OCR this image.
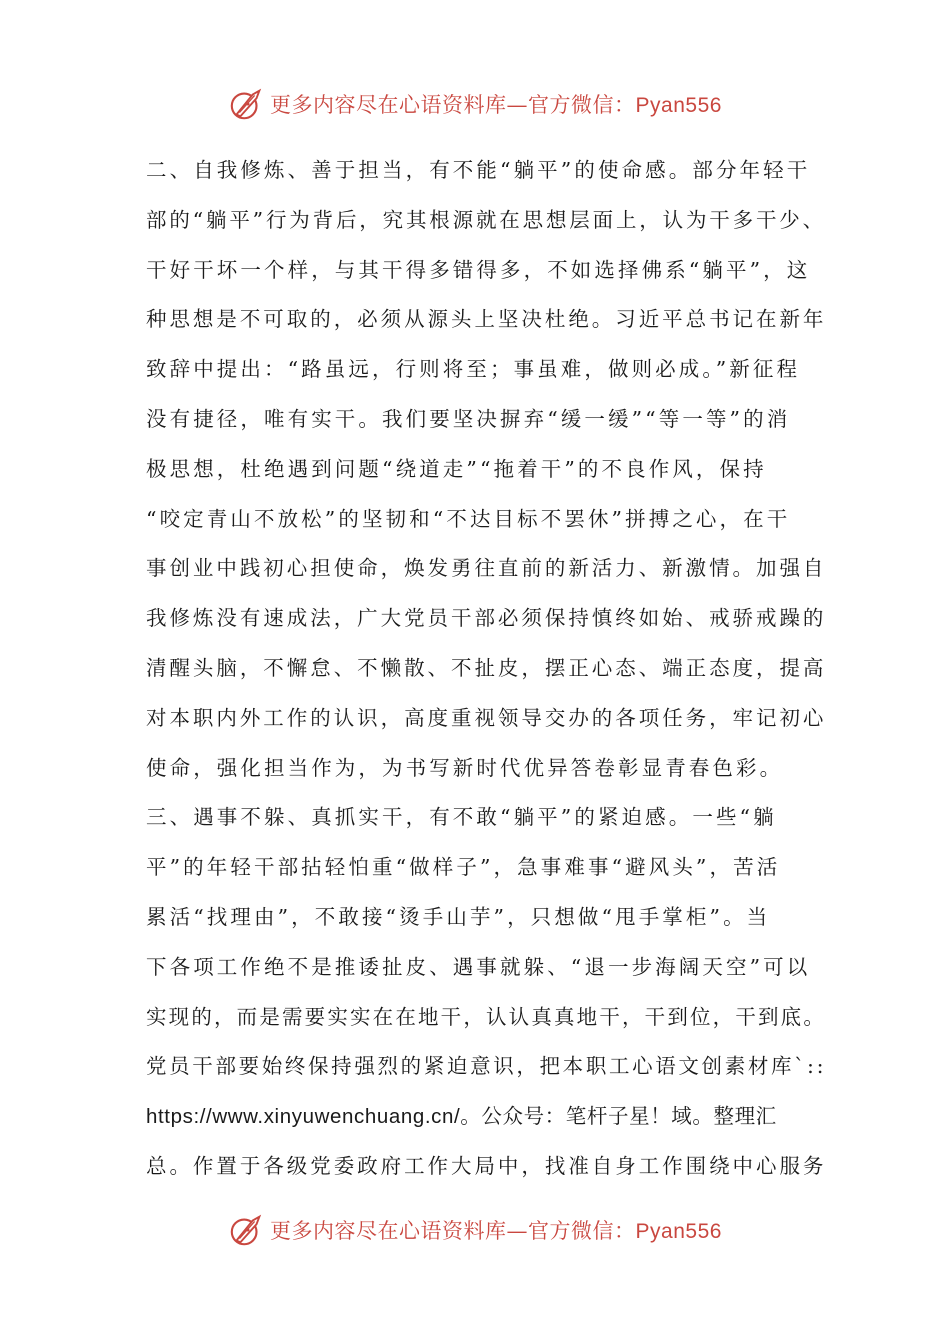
更多内容尽在心语资料库—官方微信：Pyan556
二、自我修炼、善于担当，有不能“躺平”的使命感。部分年轻干
部的“躺平”行为背后，究其根源就在思想层面上，认为干多干少、
干好干坏一个样，与其干得多错得多，不如选择佛系“躺平”，这
种思想是不可取的，必须从源头上坚决杜绝。习近平总书记在新年
致辞中提出：“路虽远，行则将至；事虽难，做则必成。”新征程
没有捷径，唯有实干。我们要坚决摒弃“缓一缓”“等一等”的消
极思想，杜绝遇到问题“绕道走”“拖着干”的不良作风，保持
“咬定青山不放松”的坚韧和“不达目标不罢休”拼搏之心，在干
事创业中践初心担使命，焕发勇往直前的新活力、新激情。加强自
我修炼没有速成法，广大党员干部必须保持慎终如始、戒骄戒躁的
清醒头脑，不懈怠、不懒散、不扯皮，摆正心态、端正态度，提高
对本职内外工作的认识，高度重视领导交办的各项任务，牢记初心
使命，强化担当作为，为书写新时代优异答卷彰显青春色彩。
三、遇事不躲、真抓实干，有不敢“躺平”的紧迫感。一些“躺
平”的年轻干部拈轻怕重“做样子”，急事难事“避风头”，苦活
累活“找理由”，不敢接“烫手山芋”，只想做“甩手掌柜”。当
下各项工作绝不是推诿扯皮、遇事就躲、“退一步海阔天空”可以
实现的，而是需要实实在在地干，认认真真地干，干到位，干到底。
党员干部要始终保持强烈的紧迫意识，把本职工心语文创素材库`::
https://www.xinyuwenchuang.cn/。公众号：笔杆子星！域。整理汇
总。作置于各级党委政府工作大局中，找准自身工作围绕中心服务
更多内容尽在心语资料库—官方微信：Pyan556
